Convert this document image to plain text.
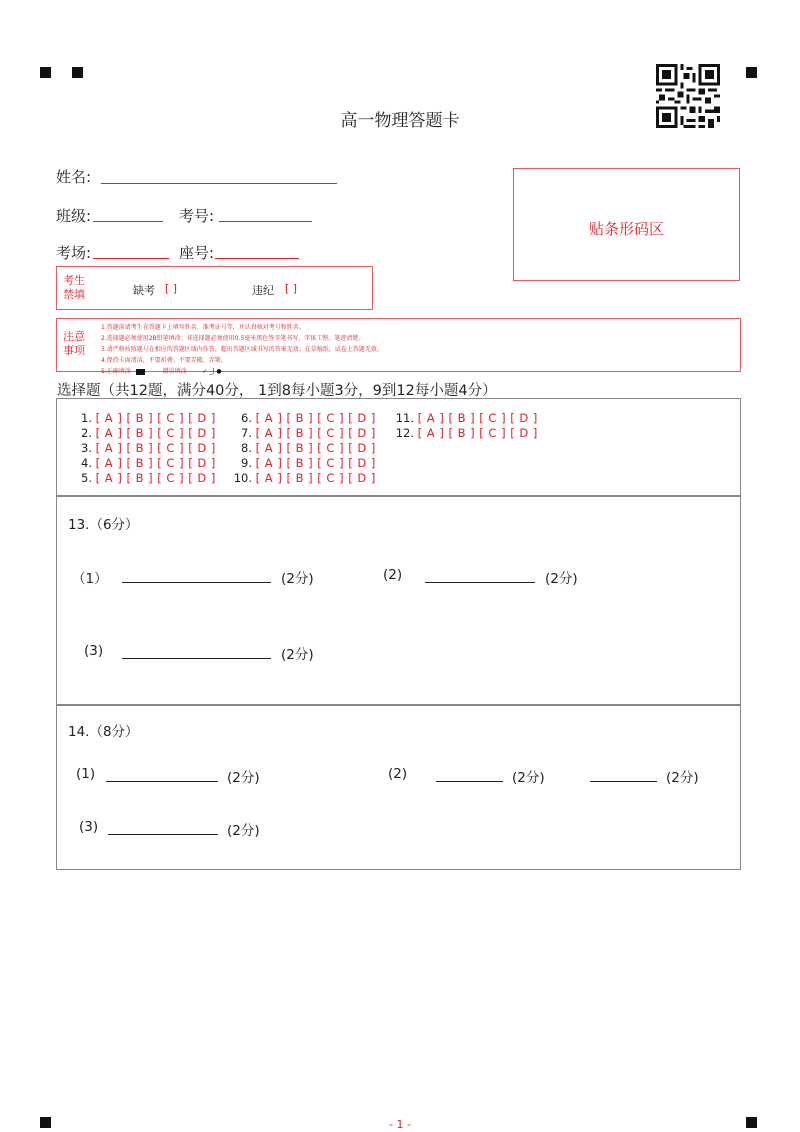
高一物理答题卡
姓名:
班级:	考号:
考场:	座号:
贴条形码区
考生
禁填	缺考 [ ]	违纪 [ ]
注意
事项
1.答题前请考生在答题卡上填写姓名、准考证号等，并认真核对考号和姓名。
2.选择题必须使用2B铅笔填涂；非选择题必须使用0.5毫米黑色签字笔书写，字体工整、笔迹清楚。
3.请严格按照题号在相应的答题区域内作答，超出答题区域书写的答案无效；在草稿纸、试卷上答题无效。
4.保持卡面清洁，不要折叠、不要弄破、弄皱。
5.正确填涂	错误填涂	✓ _| ●
选择题（共12题，满分40分， 1到8每小题3分，9到12每小题4分）
1. [ A ] [ B ] [ C ] [ D ]
2. [ A ] [ B ] [ C ] [ D ]
3. [ A ] [ B ] [ C ] [ D ]
4. [ A ] [ B ] [ C ] [ D ]
5. [ A ] [ B ] [ C ] [ D ]
6. [ A ] [ B ] [ C ] [ D ]
7. [ A ] [ B ] [ C ] [ D ]
8. [ A ] [ B ] [ C ] [ D ]
9. [ A ] [ B ] [ C ] [ D ]
10. [ A ] [ B ] [ C ] [ D ]
11. [ A ] [ B ] [ C ] [ D ]
12. [ A ] [ B ] [ C ] [ D ]
13.（6分）
（1）	(2分)	(2)	(2分)
(3)	(2分)
14.（8分）
(1)	(2分)	(2)	(2分)	(2分)
(3)	(2分)
- 1 -
